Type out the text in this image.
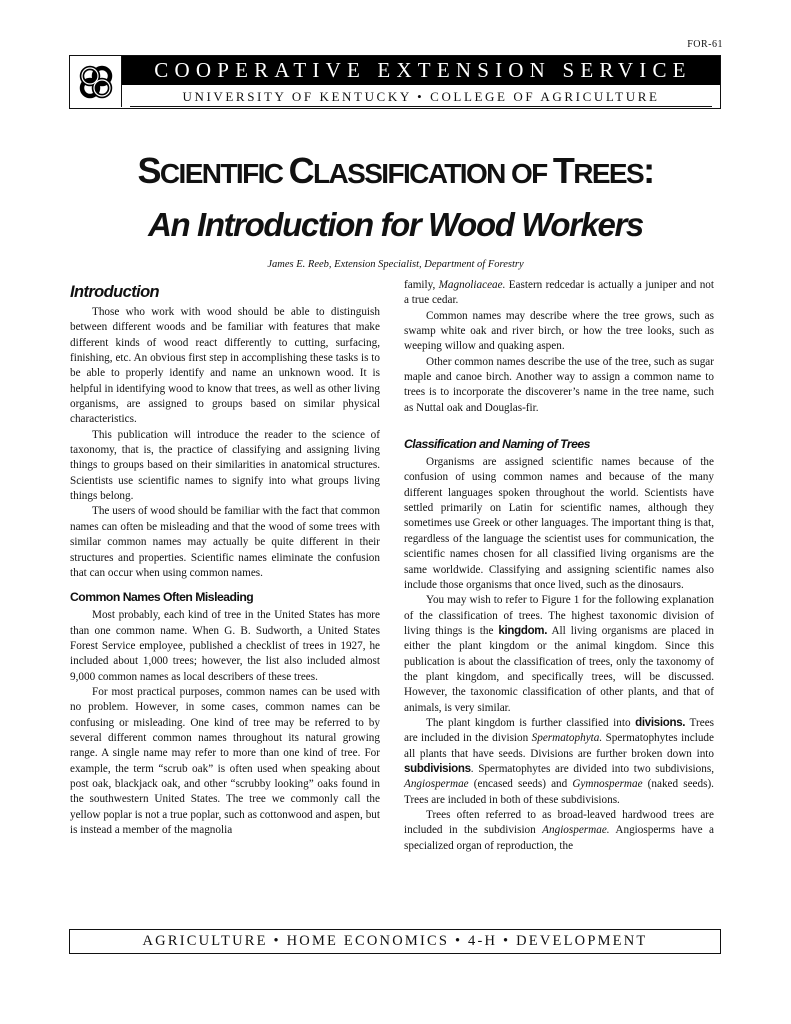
FOR-61
COOPERATIVE EXTENSION SERVICE
UNIVERSITY OF KENTUCKY • COLLEGE OF AGRICULTURE
SCIENTIFIC CLASSIFICATION OF TREES:
An Introduction for Wood Workers
James E. Reeb, Extension Specialist, Department of Forestry
Introduction

Those who work with wood should be able to distinguish between different woods and be familiar with features that make different kinds of wood react differently to cutting, surfacing, finishing, etc. An obvious first step in accomplishing these tasks is to be able to properly identify and name an unknown wood. It is helpful in identifying wood to know that trees, as well as other living organisms, are assigned to groups based on similar physical characteristics.

This publication will introduce the reader to the science of taxonomy, that is, the practice of classifying and assigning living things to groups based on their similarities in anatomical structures. Scientists use scientific names to signify into what groups living things belong.

The users of wood should be familiar with the fact that common names can often be misleading and that the wood of some trees with similar common names may actually be quite different in their structures and properties. Scientific names eliminate the confusion that can occur when using common names.

Common Names Often Misleading

Most probably, each kind of tree in the United States has more than one common name. When G. B. Sudworth, a United States Forest Service employee, published a checklist of trees in 1927, he included about 1,000 trees; however, the list also included almost 9,000 common names as local describers of these trees.

For most practical purposes, common names can be used with no problem. However, in some cases, common names can be confusing or misleading. One kind of tree may be referred to by several different common names throughout its natural growing range. A single name may refer to more than one kind of tree. For example, the term “scrub oak” is often used when speaking about post oak, blackjack oak, and other “scrubby looking” oaks found in the southwestern United States. The tree we commonly call the yellow poplar is not a true poplar, such as cottonwood and aspen, but is instead a member of the magnolia

family, Magnoliaceae. Eastern redcedar is actually a juniper and not a true cedar.

Common names may describe where the tree grows, such as swamp white oak and river birch, or how the tree looks, such as weeping willow and quaking aspen.

Other common names describe the use of the tree, such as sugar maple and canoe birch. Another way to assign a common name to trees is to incorporate the discoverer’s name in the tree name, such as Nuttal oak and Douglas-fir.

Classification and Naming of Trees

Organisms are assigned scientific names because of the confusion of using common names and because of the many different languages spoken throughout the world. Scientists have settled primarily on Latin for scientific names, although they sometimes use Greek or other languages. The important thing is that, regardless of the language the scientist uses for communication, the scientific names chosen for all classified living organisms are the same worldwide. Classifying and assigning scientific names also include those organisms that once lived, such as the dinosaurs.

You may wish to refer to Figure 1 for the following explanation of the classification of trees. The highest taxonomic division of living things is the kingdom. All living organisms are placed in either the plant kingdom or the animal kingdom. Since this publication is about the classification of trees, only the taxonomy of the plant kingdom, and specifically trees, will be discussed. However, the taxonomic classification of other plants, and that of animals, is very similar.

The plant kingdom is further classified into divisions. Trees are included in the division Spermatophyta. Spermatophytes include all plants that have seeds. Divisions are further broken down into subdivisions. Spermatophytes are divided into two subdivisions, Angiospermae (encased seeds) and Gymnospermae (naked seeds). Trees are included in both of these subdivisions.

Trees often referred to as broad-leaved hardwood trees are included in the subdivision Angiospermae. Angiosperms have a specialized organ of reproduction, the

AGRICULTURE • HOME ECONOMICS • 4-H • DEVELOPMENT
